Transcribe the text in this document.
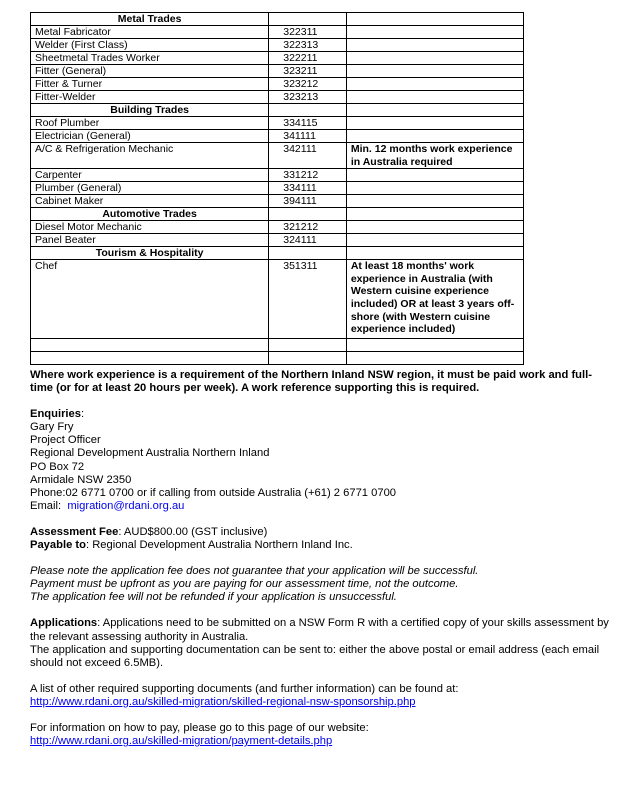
Metal Trades		
Metal Fabricator	322311	
Welder (First Class)	322313	
Sheetmetal Trades Worker	322211	
Fitter (General)	323211	
Fitter & Turner	323212	
Fitter-Welder	323213	
Building Trades		
Roof Plumber	334115	
Electrician (General)	341111	
A/C & Refrigeration Mechanic	342111	Min. 12 months work experience in Australia required
Carpenter	331212	
Plumber (General)	334111	
Cabinet Maker	394111	
Automotive Trades		
Diesel Motor Mechanic	321212	
Panel Beater	324111	
Tourism & Hospitality		
Chef	351311	At least 18 months' work experience in Australia (with Western cuisine experience included) OR at least 3 years off-shore (with Western cuisine experience included)

Where work experience is a requirement of the Northern Inland NSW region, it must be paid work and full-time (or for at least 20 hours per week). A work reference supporting this is required.

Enquiries:

Gary Fry

Project Officer

Regional Development Australia Northern Inland

PO Box 72

Armidale NSW 2350

Phone:02 6771 0700 or if calling from outside Australia (+61) 2 6771 0700

Email: migration@rdani.org.au

Assessment Fee: AUD$800.00 (GST inclusive)

Payable to: Regional Development Australia Northern Inland Inc.

Please note the application fee does not guarantee that your application will be successful.

Payment must be upfront as you are paying for our assessment time, not the outcome.

The application fee will not be refunded if your application is unsuccessful.

Applications: Applications need to be submitted on a NSW Form R with a certified copy of your skills assessment by the relevant assessing authority in Australia.

The application and supporting documentation can be sent to: either the above postal or email address (each email should not exceed 6.5MB).

A list of other required supporting documents (and further information) can be found at:

http://www.rdani.org.au/skilled-migration/skilled-regional-nsw-sponsorship.php

For information on how to pay, please go to this page of our website:

http://www.rdani.org.au/skilled-migration/payment-details.php
